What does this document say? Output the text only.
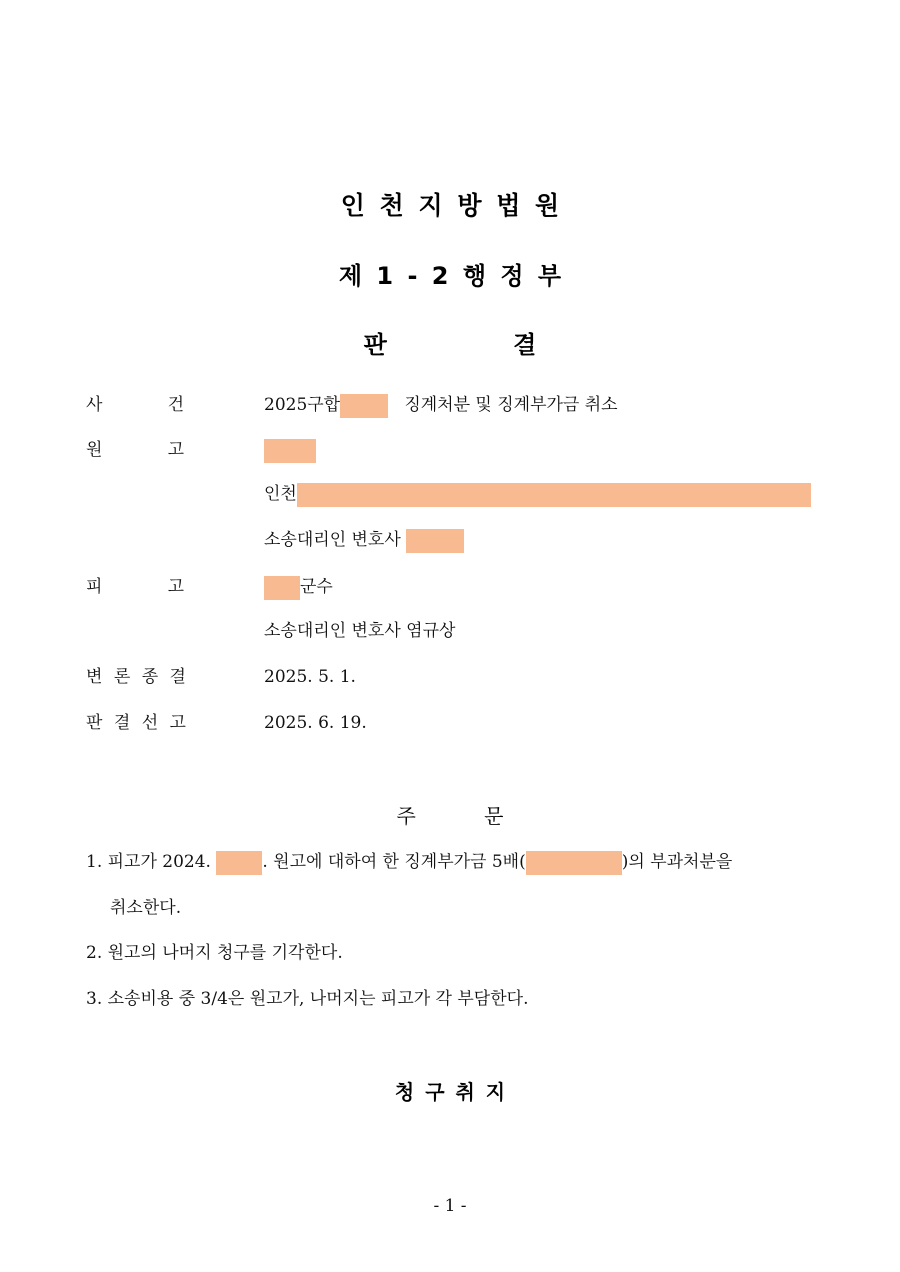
인 천 지 방 법 원
제 1 - 2 행 정 부
판 결
사	건	2025구합	징계처분 및 징계부가금 취소
원	고
인천
소송대리인 변호사
피	고	군수
소송대리인 변호사 염규상
변 론 종 결	2025. 5. 1.
판 결 선 고	2025. 6. 19.
주 문
1. 피고가 2024.	. 원고에 대하여 한 징계부가금 5배(	)의 부과처분을
취소한다.
2. 원고의 나머지 청구를 기각한다.
3. 소송비용 중 3/4은 원고가, 나머지는 피고가 각 부담한다.
청 구 취 지
- 1 -
